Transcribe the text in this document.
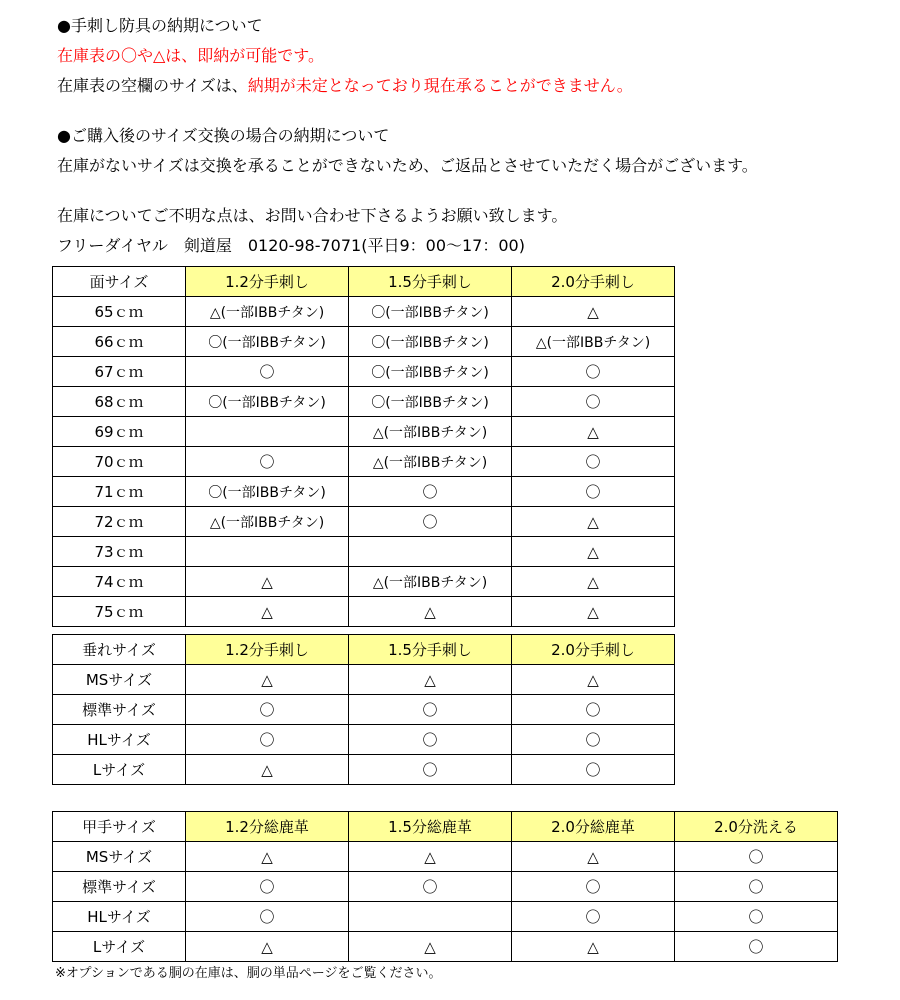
●手刺し防具の納期について
在庫表の〇や△は、即納が可能です。
在庫表の空欄のサイズは、納期が未定となっており現在承ることができません。
●ご購入後のサイズ交換の場合の納期について
在庫がないサイズは交換を承ることができないため、ご返品とさせていただく場合がございます。
在庫についてご不明な点は、お問い合わせ下さるようお願い致します。
フリーダイヤル　剣道屋　0120-98-7071(平日9：00～17：00)
面サイズ	1.2分手刺し	1.5分手刺し	2.0分手刺し
65ｃｍ	△(一部IBBチタン)	〇(一部IBBチタン)	△
66ｃｍ	〇(一部IBBチタン)	〇(一部IBBチタン)	△(一部IBBチタン)
67ｃｍ	〇	〇(一部IBBチタン)	〇
68ｃｍ	〇(一部IBBチタン)	〇(一部IBBチタン)	〇
69ｃｍ		△(一部IBBチタン)	△
70ｃｍ	〇	△(一部IBBチタン)	〇
71ｃｍ	〇(一部IBBチタン)	〇	〇
72ｃｍ	△(一部IBBチタン)	〇	△
73ｃｍ			△
74ｃｍ	△	△(一部IBBチタン)	△
75ｃｍ	△	△	△
垂れサイズ	1.2分手刺し	1.5分手刺し	2.0分手刺し
MSサイズ	△	△	△
標準サイズ	〇	〇	〇
HLサイズ	〇	〇	〇
Lサイズ	△	〇	〇
甲手サイズ	1.2分総鹿革	1.5分総鹿革	2.0分総鹿革	2.0分洗える
MSサイズ	△	△	△	〇
標準サイズ	〇	〇	〇	〇
HLサイズ	〇		〇	〇
Lサイズ	△	△	△	〇
※オプションである胴の在庫は、胴の単品ページをご覧ください。
